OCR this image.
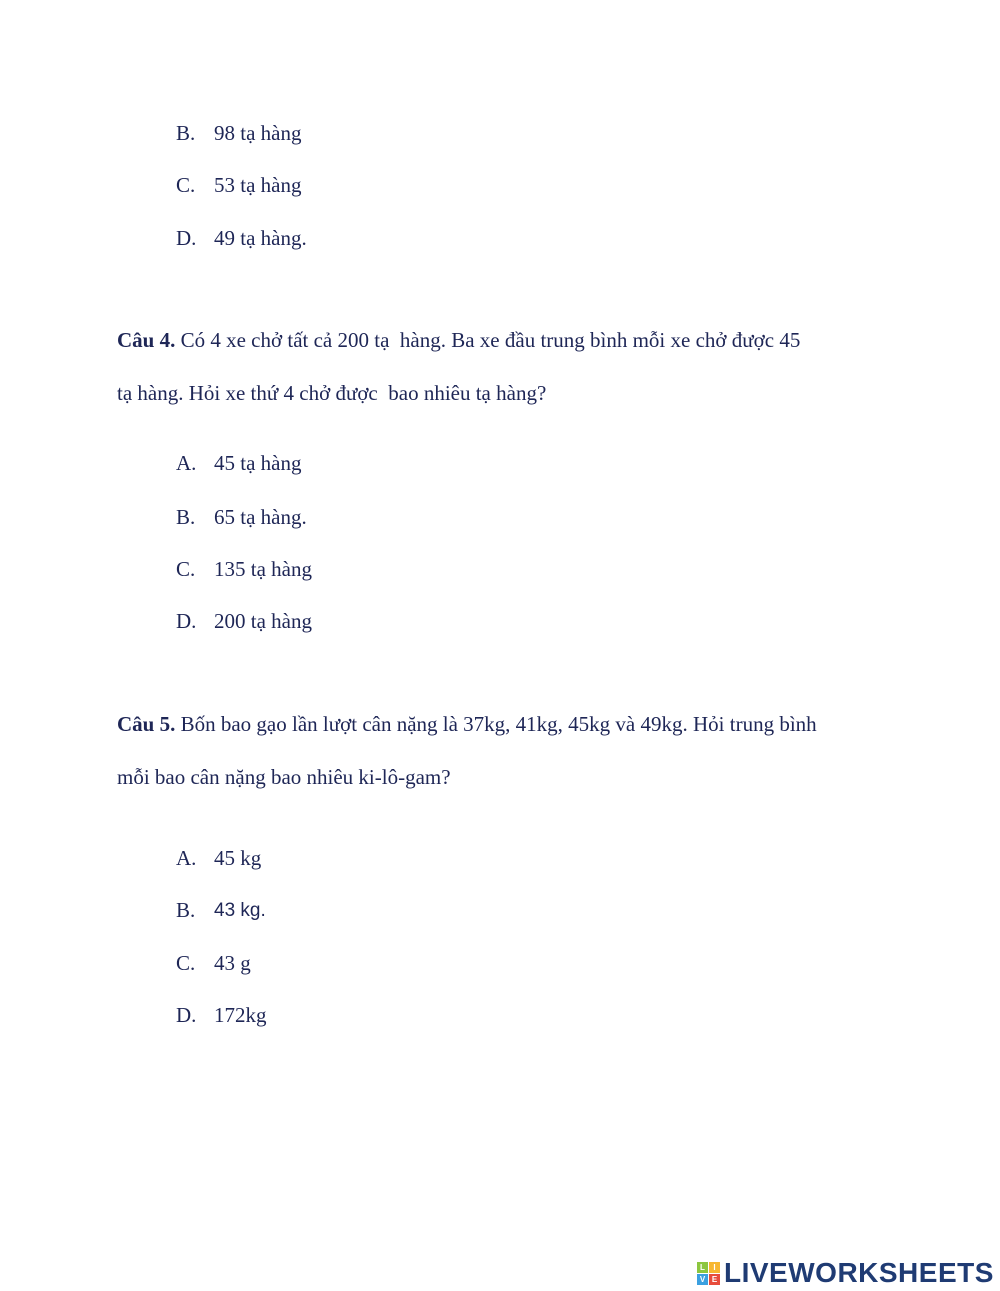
B. 98 tạ hàng
C. 53 tạ hàng
D. 49 tạ hàng.
Câu 4. Có 4 xe chở tất cả 200 tạ  hàng. Ba xe đầu trung bình mỗi xe chở được 45
tạ hàng. Hỏi xe thứ 4 chở được  bao nhiêu tạ hàng?
A. 45 tạ hàng
B. 65 tạ hàng.
C. 135 tạ hàng
D. 200 tạ hàng
Câu 5. Bốn bao gạo lần lượt cân nặng là 37kg, 41kg, 45kg và 49kg. Hỏi trung bình
mỗi bao cân nặng bao nhiêu ki-lô-gam?
A. 45 kg
B. 43 kg.
C. 43 g
D. 172kg
L	I
V E LIVEWORKSHEETS
